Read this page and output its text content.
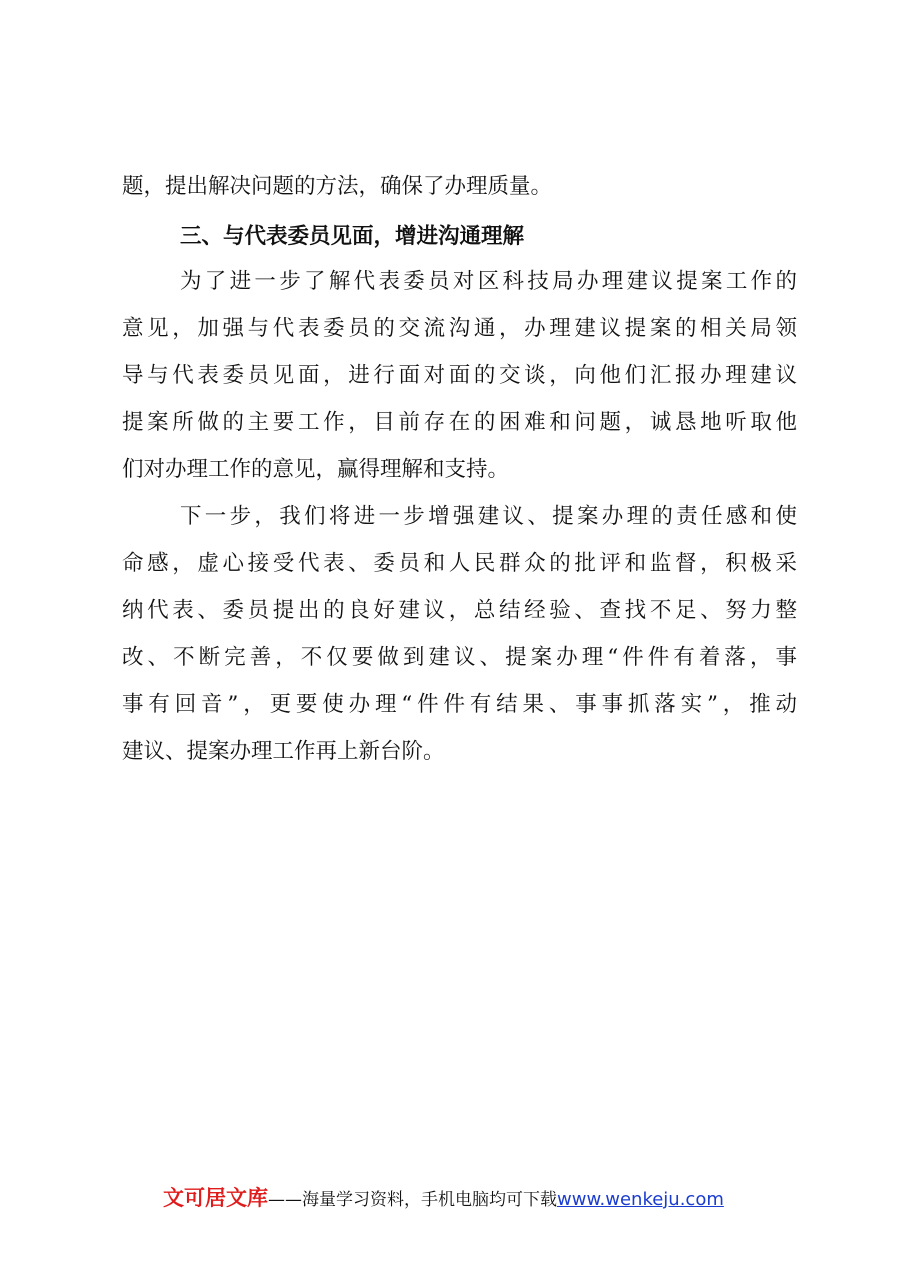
题，提出解决问题的方法，确保了办理质量。
三、与代表委员见面，增进沟通理解
为了进一步了解代表委员对区科技局办理建议提案工作的
意见，加强与代表委员的交流沟通，办理建议提案的相关局领
导与代表委员见面，进行面对面的交谈，向他们汇报办理建议
提案所做的主要工作，目前存在的困难和问题，诚恳地听取他
们对办理工作的意见，赢得理解和支持。
下一步，我们将进一步增强建议、提案办理的责任感和使
命感，虚心接受代表、委员和人民群众的批评和监督，积极采
纳代表、委员提出的良好建议，总结经验、查找不足、努力整
改、不断完善，不仅要做到建议、提案办理“件件有着落，事
事有回音”，更要使办理“件件有结果、事事抓落实”，推动
建议、提案办理工作再上新台阶。
文可居文库 ——海量学习资料，手机电脑均可下载 www.wenkeju.com
